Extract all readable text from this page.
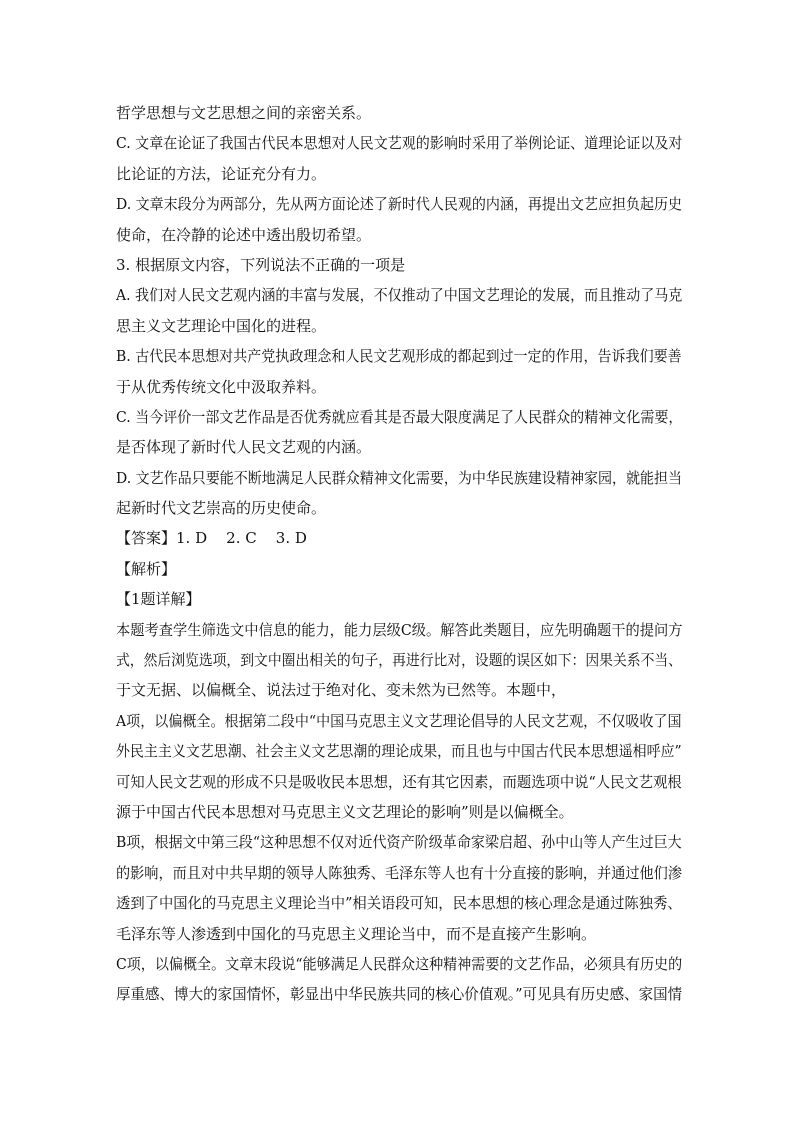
哲学思想与文艺思想之间的亲密关系。
C. 文章在论证了我国古代民本思想对人民文艺观的影响时采用了举例论证、道理论证以及对
比论证的方法，论证充分有力。
D. 文章末段分为两部分，先从两方面论述了新时代人民观的内涵，再提出文艺应担负起历史
使命，在冷静的论述中透出殷切希望。
3. 根据原文内容，下列说法不正确的一项是
A. 我们对人民文艺观内涵的丰富与发展，不仅推动了中国文艺理论的发展，而且推动了马克
思主义文艺理论中国化的进程。
B. 古代民本思想对共产党执政理念和人民文艺观形成的都起到过一定的作用，告诉我们要善
于从优秀传统文化中汲取养料。
C. 当今评价一部文艺作品是否优秀就应看其是否最大限度满足了人民群众的精神文化需要，
是否体现了新时代人民文艺观的内涵。
D. 文艺作品只要能不断地满足人民群众精神文化需要，为中华民族建设精神家园，就能担当
起新时代文艺崇高的历史使命。
【答案】1. D    2. C    3. D
【解析】
【1题详解】
本题考查学生筛选文中信息的能力，能力层级C级。解答此类题目，应先明确题干的提问方
式，然后浏览选项，到文中圈出相关的句子，再进行比对，设题的误区如下：因果关系不当、
于文无据、以偏概全、说法过于绝对化、变未然为已然等。本题中，
A项，以偏概全。根据第二段中“中国马克思主义文艺理论倡导的人民文艺观，不仅吸收了国
外民主主义文艺思潮、社会主义文艺思潮的理论成果，而且也与中国古代民本思想遥相呼应”
可知人民文艺观的形成不只是吸收民本思想，还有其它因素，而题选项中说“人民文艺观根
源于中国古代民本思想对马克思主义文艺理论的影响”则是以偏概全。
B项，根据文中第三段“这种思想不仅对近代资产阶级革命家梁启超、孙中山等人产生过巨大
的影响，而且对中共早期的领导人陈独秀、毛泽东等人也有十分直接的影响，并通过他们渗
透到了中国化的马克思主义理论当中”相关语段可知，民本思想的核心理念是通过陈独秀、
毛泽东等人渗透到中国化的马克思主义理论当中，而不是直接产生影响。
C项，以偏概全。文章末段说“能够满足人民群众这种精神需要的文艺作品，必须具有历史的
厚重感、博大的家国情怀，彰显出中华民族共同的核心价值观。”可见具有历史感、家国情
